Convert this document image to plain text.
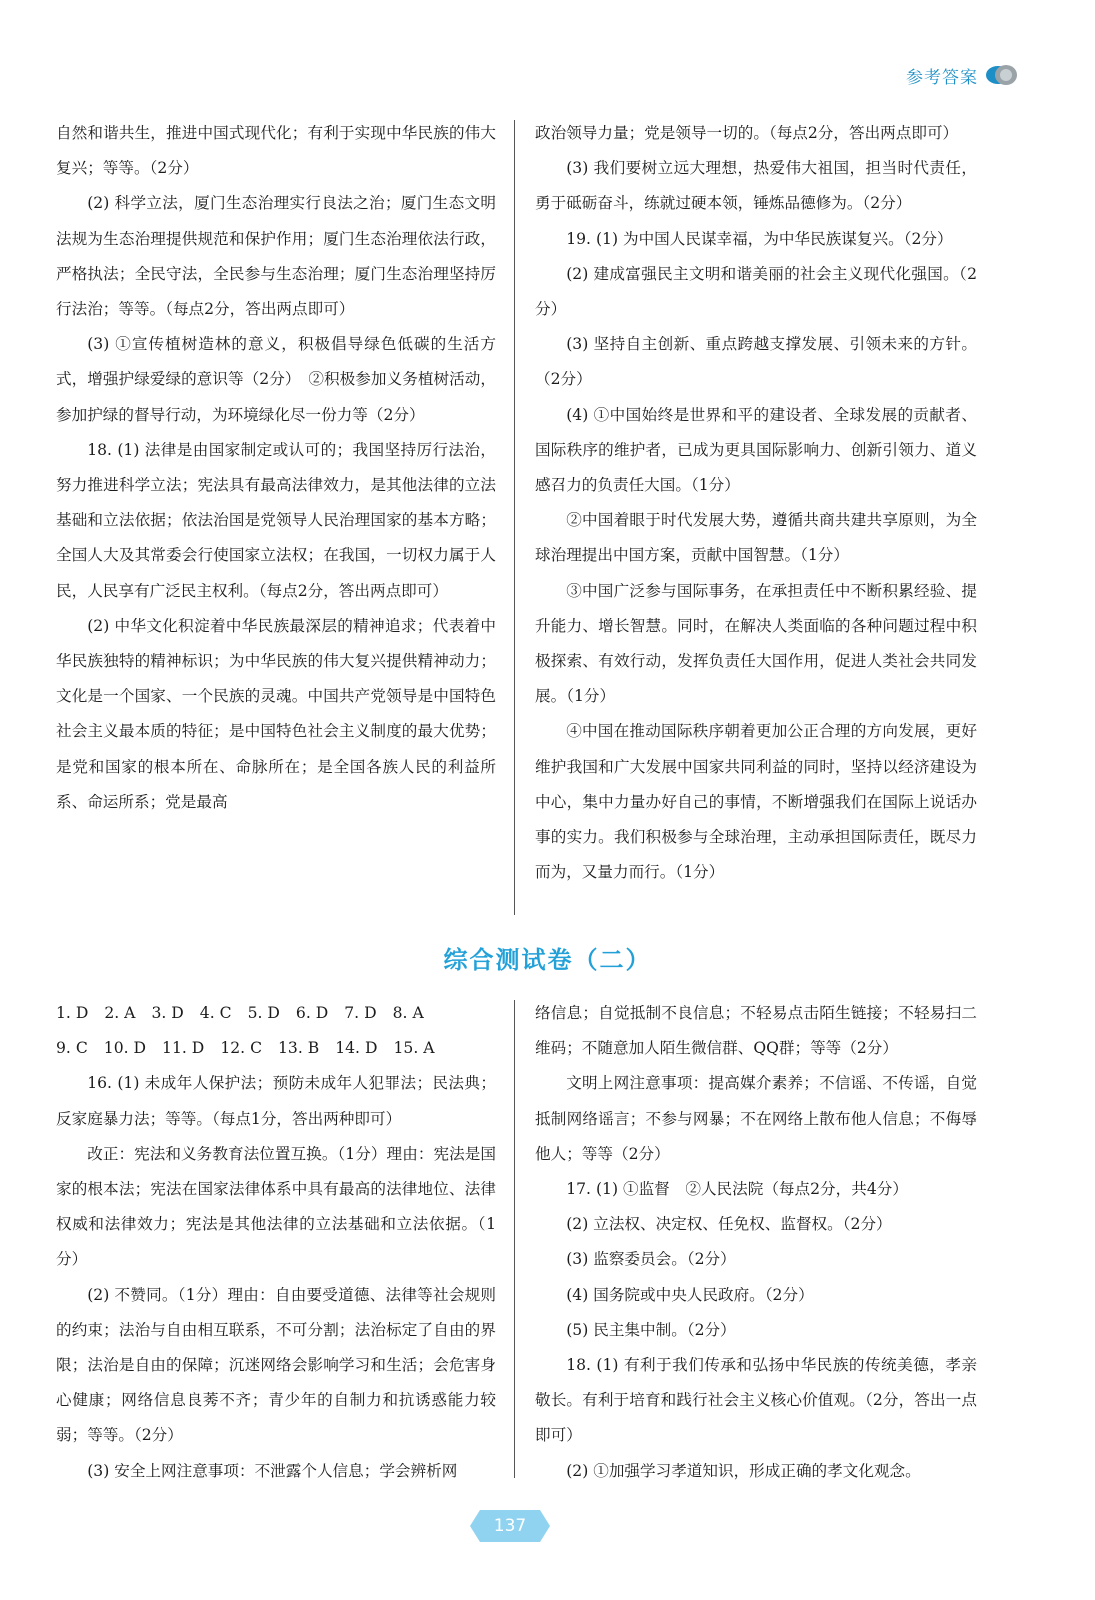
参考答案

自然和谐共生，推进中国式现代化；有利于实现中华民族的伟大复兴；等等。（2分）

(2) 科学立法，厦门生态治理实行良法之治；厦门生态文明法规为生态治理提供规范和保护作用；厦门生态治理依法行政，严格执法；全民守法，全民参与生态治理；厦门生态治理坚持厉行法治；等等。（每点2分，答出两点即可）

(3) ①宣传植树造林的意义，积极倡导绿色低碳的生活方式，增强护绿爱绿的意识等（2分）　②积极参加义务植树活动，参加护绿的督导行动，为环境绿化尽一份力等（2分）

18. (1) 法律是由国家制定或认可的；我国坚持厉行法治，努力推进科学立法；宪法具有最高法律效力，是其他法律的立法基础和立法依据；依法治国是党领导人民治理国家的基本方略；全国人大及其常委会行使国家立法权；在我国，一切权力属于人民，人民享有广泛民主权利。（每点2分，答出两点即可）

(2) 中华文化积淀着中华民族最深层的精神追求；代表着中华民族独特的精神标识；为中华民族的伟大复兴提供精神动力；文化是一个国家、一个民族的灵魂。中国共产党领导是中国特色社会主义最本质的特征；是中国特色社会主义制度的最大优势；是党和国家的根本所在、命脉所在；是全国各族人民的利益所系、命运所系；党是最高

政治领导力量；党是领导一切的。（每点2分，答出两点即可）

(3) 我们要树立远大理想，热爱伟大祖国，担当时代责任，勇于砥砺奋斗，练就过硬本领，锤炼品德修为。（2分）

19. (1) 为中国人民谋幸福，为中华民族谋复兴。（2分）

(2) 建成富强民主文明和谐美丽的社会主义现代化强国。（2分）

(3) 坚持自主创新、重点跨越支撑发展、引领未来的方针。（2分）

(4) ①中国始终是世界和平的建设者、全球发展的贡献者、国际秩序的维护者，已成为更具国际影响力、创新引领力、道义感召力的负责任大国。（1分）

②中国着眼于时代发展大势，遵循共商共建共享原则，为全球治理提出中国方案，贡献中国智慧。（1分）

③中国广泛参与国际事务，在承担责任中不断积累经验、提升能力、增长智慧。同时，在解决人类面临的各种问题过程中积极探索、有效行动，发挥负责任大国作用，促进人类社会共同发展。（1分）

④中国在推动国际秩序朝着更加公正合理的方向发展，更好维护我国和广大发展中国家共同利益的同时，坚持以经济建设为中心，集中力量办好自己的事情，不断增强我们在国际上说话办事的实力。我们积极参与全球治理，主动承担国际责任，既尽力而为，又量力而行。（1分）

综合测试卷（二）
1. D 2. A 3. D 4. C 5. D 6. D 7. D 8. A
9. C 10. D 11. D 12. C 13. B 14. D 15. A

16. (1) 未成年人保护法；预防未成年人犯罪法；民法典；反家庭暴力法；等等。（每点1分，答出两种即可）

改正：宪法和义务教育法位置互换。（1分）理由：宪法是国家的根本法；宪法在国家法律体系中具有最高的法律地位、法律权威和法律效力；宪法是其他法律的立法基础和立法依据。（1分）

(2) 不赞同。（1分）理由：自由要受道德、法律等社会规则的约束；法治与自由相互联系，不可分割；法治标定了自由的界限；法治是自由的保障；沉迷网络会影响学习和生活；会危害身心健康；网络信息良莠不齐；青少年的自制力和抗诱惑能力较弱；等等。（2分）

(3) 安全上网注意事项：不泄露个人信息；学会辨析网

络信息；自觉抵制不良信息；不轻易点击陌生链接；不轻易扫二维码；不随意加人陌生微信群、QQ群；等等（2分）

文明上网注意事项：提高媒介素养；不信谣、不传谣，自觉抵制网络谣言；不参与网暴；不在网络上散布他人信息；不侮辱他人；等等（2分）

17. (1) ①监督　②人民法院（每点2分，共4分）

(2) 立法权、决定权、任免权、监督权。（2分）

(3) 监察委员会。（2分）

(4) 国务院或中央人民政府。（2分）

(5) 民主集中制。（2分）

18. (1) 有利于我们传承和弘扬中华民族的传统美德，孝亲敬长。有利于培育和践行社会主义核心价值观。（2分，答出一点即可）

(2) ①加强学习孝道知识，形成正确的孝文化观念。

137
